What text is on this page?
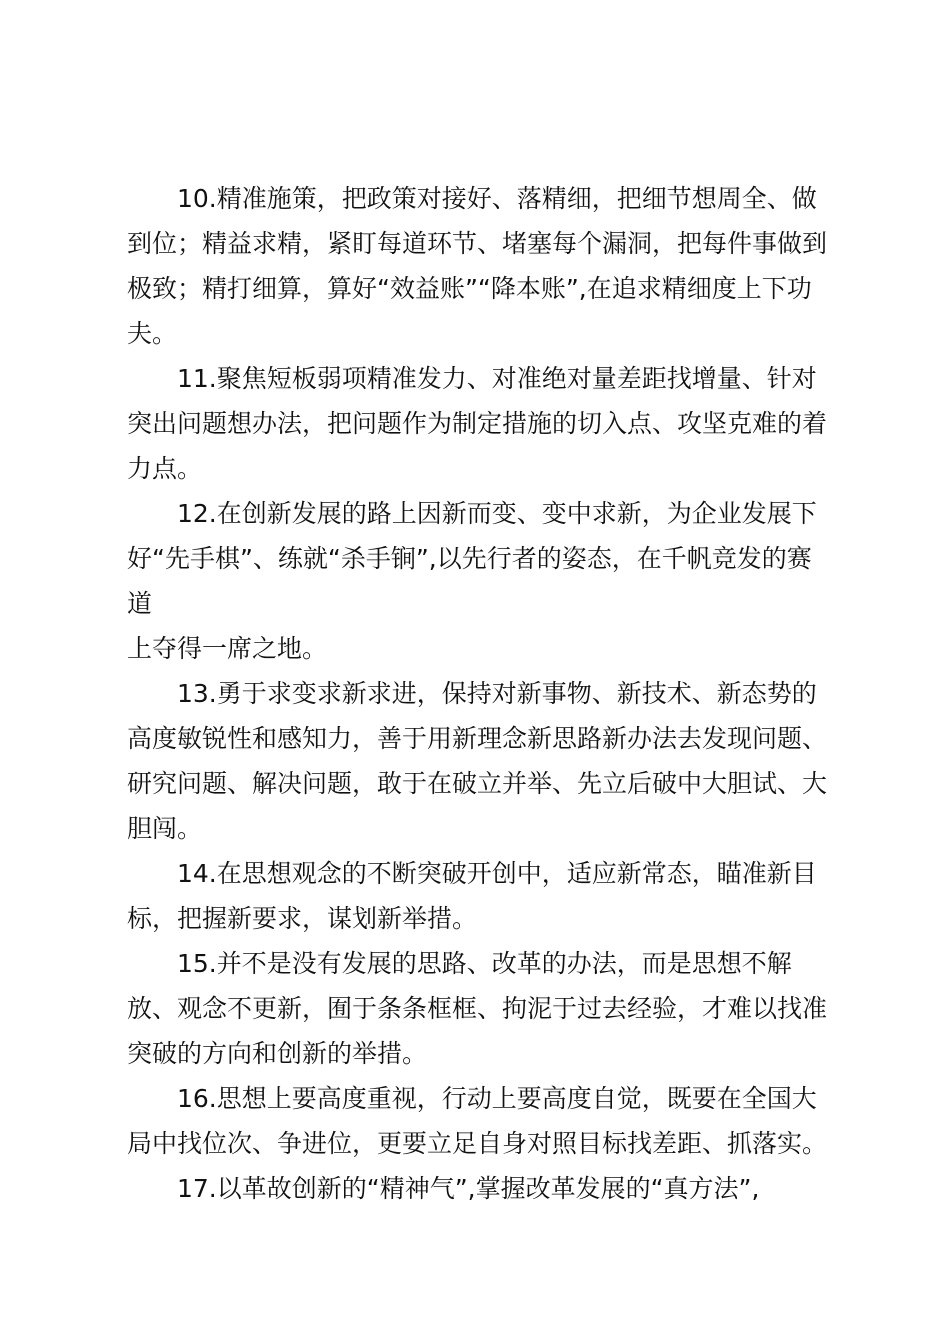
10.精准施策，把政策对接好、落精细，把细节想周全、做
到位；精益求精，紧盯每道环节、堵塞每个漏洞，把每件事做到
极致；精打细算，算好“效益账”“降本账”,在追求精细度上下功
夫。

11.聚焦短板弱项精准发力、对准绝对量差距找增量、针对
突出问题想办法，把问题作为制定措施的切入点、攻坚克难的着
力点。

12.在创新发展的路上因新而变、变中求新，为企业发展下
好“先手棋”、练就“杀手锏”,以先行者的姿态，在千帆竞发的赛道
上夺得一席之地。

13.勇于求变求新求进，保持对新事物、新技术、新态势的
高度敏锐性和感知力，善于用新理念新思路新办法去发现问题、
研究问题、解决问题，敢于在破立并举、先立后破中大胆试、大
胆闯。

14.在思想观念的不断突破开创中，适应新常态，瞄准新目
标，把握新要求，谋划新举措。

15.并不是没有发展的思路、改革的办法，而是思想不解
放、观念不更新，囿于条条框框、拘泥于过去经验，才难以找准
突破的方向和创新的举措。

16.思想上要高度重视，行动上要高度自觉，既要在全国大
局中找位次、争进位，更要立足自身对照目标找差距、抓落实。

17.以革故创新的“精神气”,掌握改革发展的“真方法”,
